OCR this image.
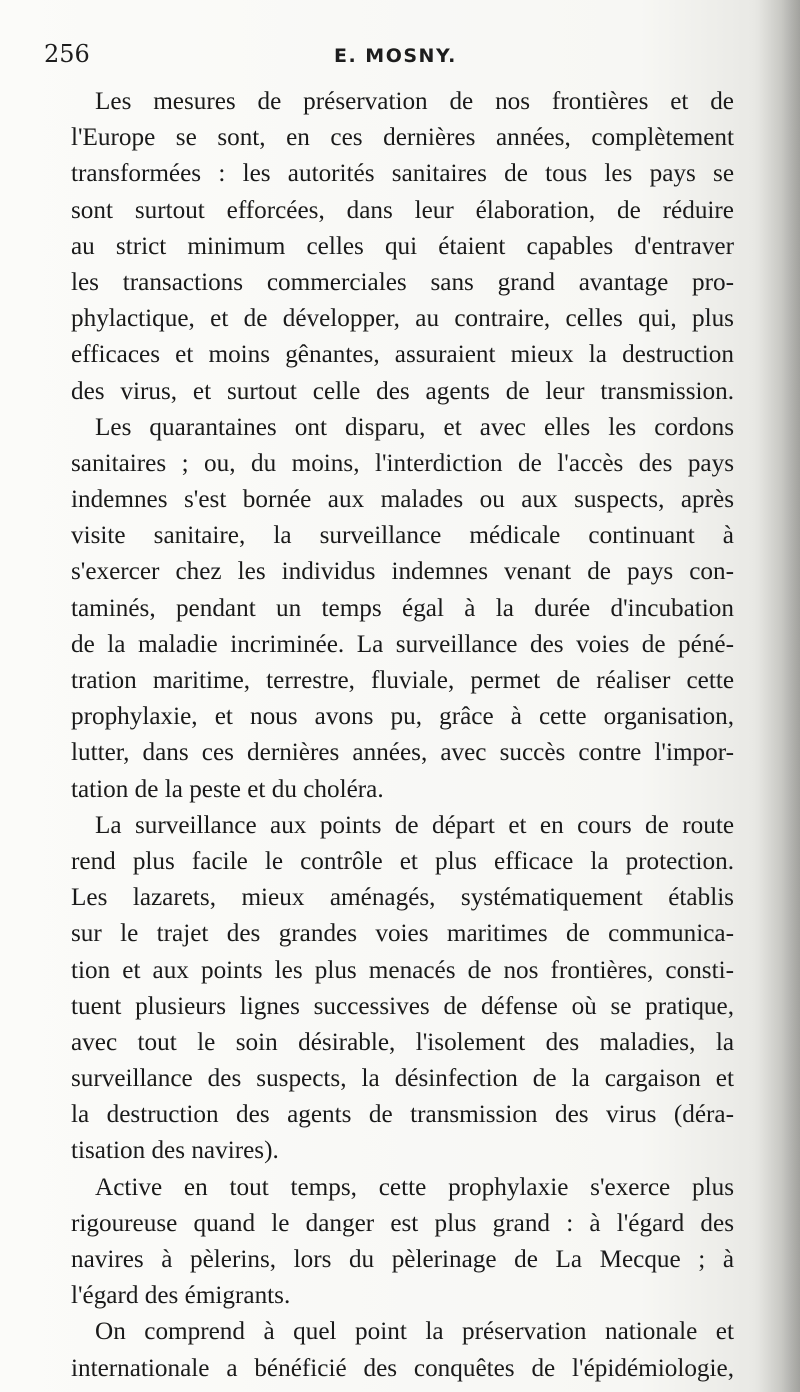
256	E. MOSNY.
Les mesures de préservation de nos frontières et de
l'Europe se sont, en ces dernières années, complètement
transformées : les autorités sanitaires de tous les pays se
sont surtout efforcées, dans leur élaboration, de réduire
au strict minimum celles qui étaient capables d'entraver
les transactions commerciales sans grand avantage pro-
phylactique, et de développer, au contraire, celles qui, plus
efficaces et moins gênantes, assuraient mieux la destruction
des virus, et surtout celle des agents de leur transmission.
Les quarantaines ont disparu, et avec elles les cordons
sanitaires ; ou, du moins, l'interdiction de l'accès des pays
indemnes s'est bornée aux malades ou aux suspects, après
visite sanitaire, la surveillance médicale continuant à
s'exercer chez les individus indemnes venant de pays con-
taminés, pendant un temps égal à la durée d'incubation
de la maladie incriminée. La surveillance des voies de péné-
tration maritime, terrestre, fluviale, permet de réaliser cette
prophylaxie, et nous avons pu, grâce à cette organisation,
lutter, dans ces dernières années, avec succès contre l'impor-
tation de la peste et du choléra.
La surveillance aux points de départ et en cours de route
rend plus facile le contrôle et plus efficace la protection.
Les lazarets, mieux aménagés, systématiquement établis
sur le trajet des grandes voies maritimes de communica-
tion et aux points les plus menacés de nos frontières, consti-
tuent plusieurs lignes successives de défense où se pratique,
avec tout le soin désirable, l'isolement des maladies, la
surveillance des suspects, la désinfection de la cargaison et
la destruction des agents de transmission des virus (déra-
tisation des navires).
Active en tout temps, cette prophylaxie s'exerce plus
rigoureuse quand le danger est plus grand : à l'égard des
navires à pèlerins, lors du pèlerinage de La Mecque ; à
l'égard des émigrants.
On comprend à quel point la préservation nationale et
internationale a bénéficié des conquêtes de l'épidémiologie,
